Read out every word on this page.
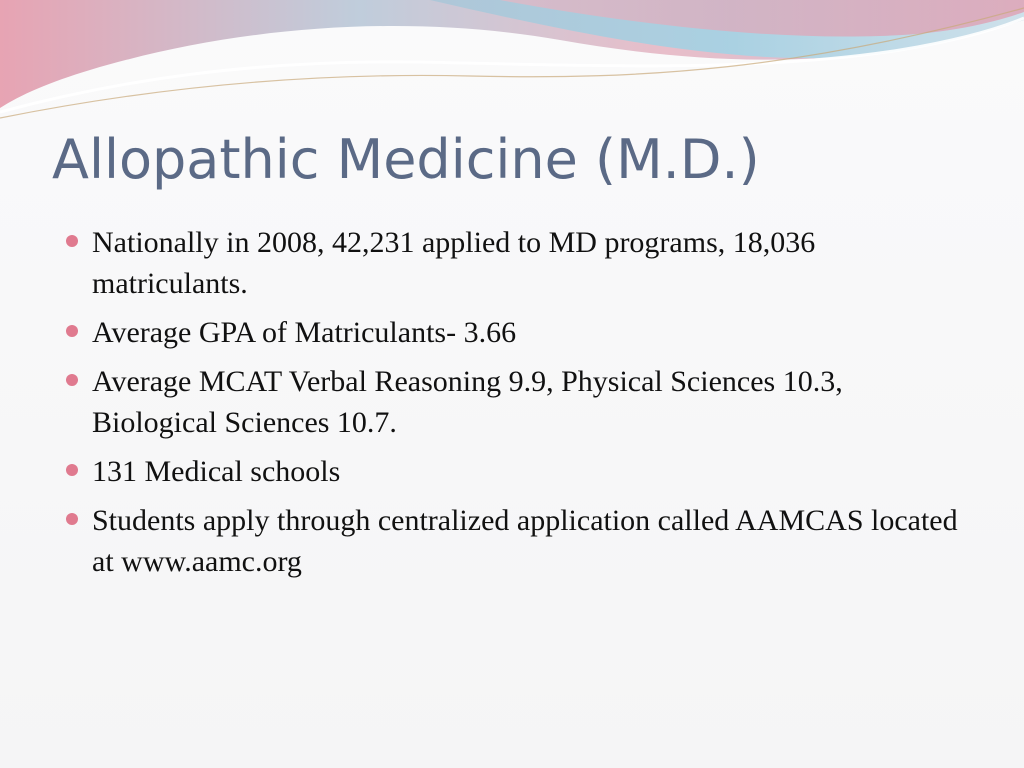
Allopathic Medicine (M.D.)
Nationally in 2008, 42,231 applied to MD programs, 18,036 matriculants.
Average GPA of Matriculants- 3.66
Average MCAT Verbal Reasoning 9.9, Physical Sciences 10.3, Biological Sciences 10.7.
131 Medical schools
Students apply through centralized application called AAMCAS located at www.aamc.org
